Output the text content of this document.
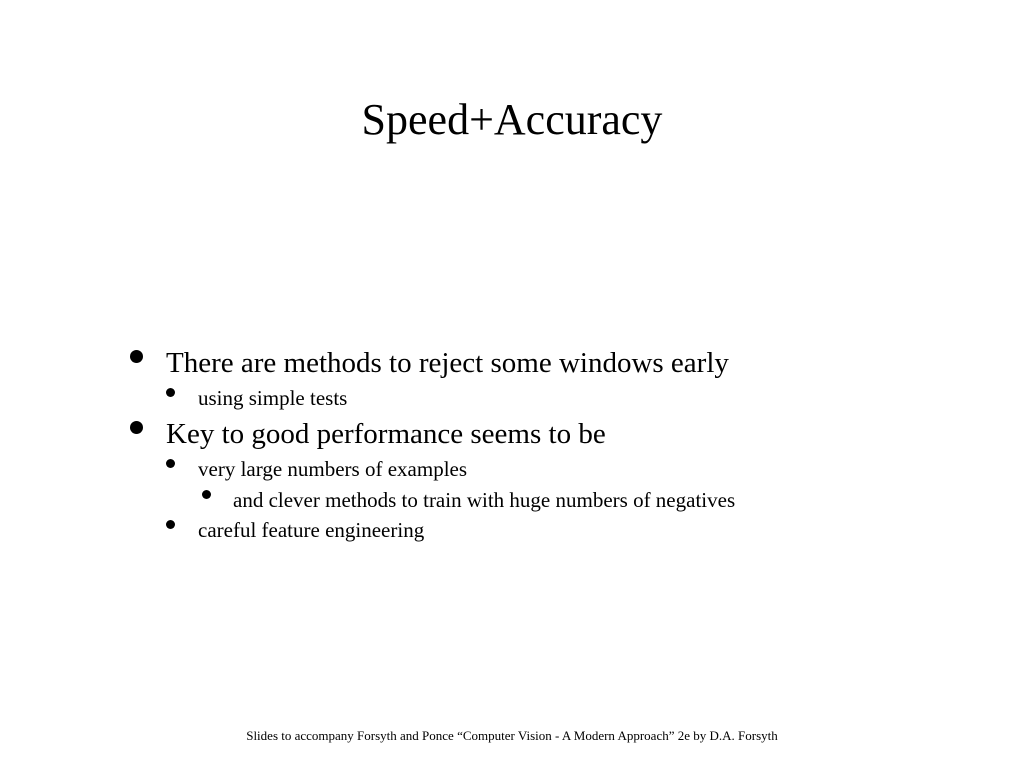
Speed+Accuracy
There are methods to reject some windows early
using simple tests
Key to good performance seems to be
very large numbers of examples
and clever methods to train with huge numbers of negatives
careful feature engineering
Slides to accompany Forsyth and Ponce “Computer Vision - A Modern Approach” 2e by D.A. Forsyth
